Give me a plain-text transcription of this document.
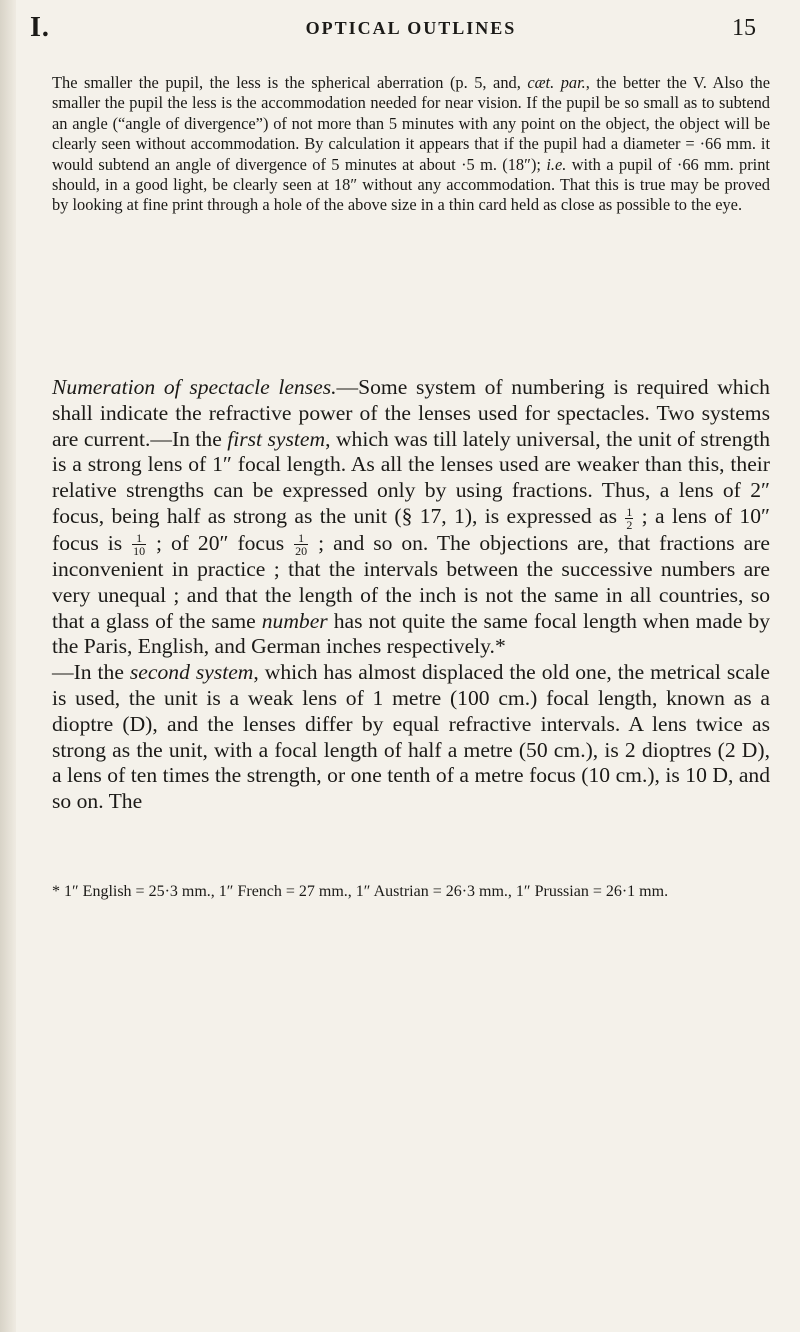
I.	OPTICAL OUTLINES	15

The smaller the pupil, the less is the spherical aberration (p. 5, and, cæt. par., the better the V. Also the smaller the pupil the less is the accommodation needed for near vision. If the pupil be so small as to subtend an angle (“angle of divergence”) of not more than 5 minutes with any point on the object, the object will be clearly seen without accommodation. By calculation it appears that if the pupil had a diameter = ·66 mm. it would subtend an angle of divergence of 5 minutes at about ·5 m. (18″); i.e. with a pupil of ·66 mm. print should, in a good light, be clearly seen at 18″ without any accommodation. That this is true may be proved by looking at fine print through a hole of the above size in a thin card held as close as possible to the eye.

Numeration of spectacle lenses.—Some system of numbering is required which shall indicate the refractive power of the lenses used for spectacles. Two systems are current.—In the first system, which was till lately universal, the unit of strength is a strong lens of 1″ focal length. As all the lenses used are weaker than this, their relative strengths can be expressed only by using fractions. Thus, a lens of 2″ focus, being half as strong as the unit (§ 17, 1), is expressed as $\frac{1}{2}$ ; a lens of 10″ focus is $\frac{1}{10}$ ; of 20″ focus $\frac{1}{20}$ ; and so on. The objections are, that fractions are inconvenient in practice ; that the intervals between the successive numbers are very unequal ; and that the length of the inch is not the same in all countries, so that a glass of the same number has not quite the same focal length when made by the Paris, English, and German inches respectively.*
—In the second system, which has almost displaced the old one, the metrical scale is used, the unit is a weak lens of 1 metre (100 cm.) focal length, known as a dioptre (D), and the lenses differ by equal refractive intervals. A lens twice as strong as the unit, with a focal length of half a metre (50 cm.), is 2 dioptres (2 D), a lens of ten times the strength, or one tenth of a metre focus (10 cm.), is 10 D, and so on. The

* 1″ English = 25·3 mm., 1″ French = 27 mm., 1″ Austrian = 26·3 mm., 1″ Prussian = 26·1 mm.
